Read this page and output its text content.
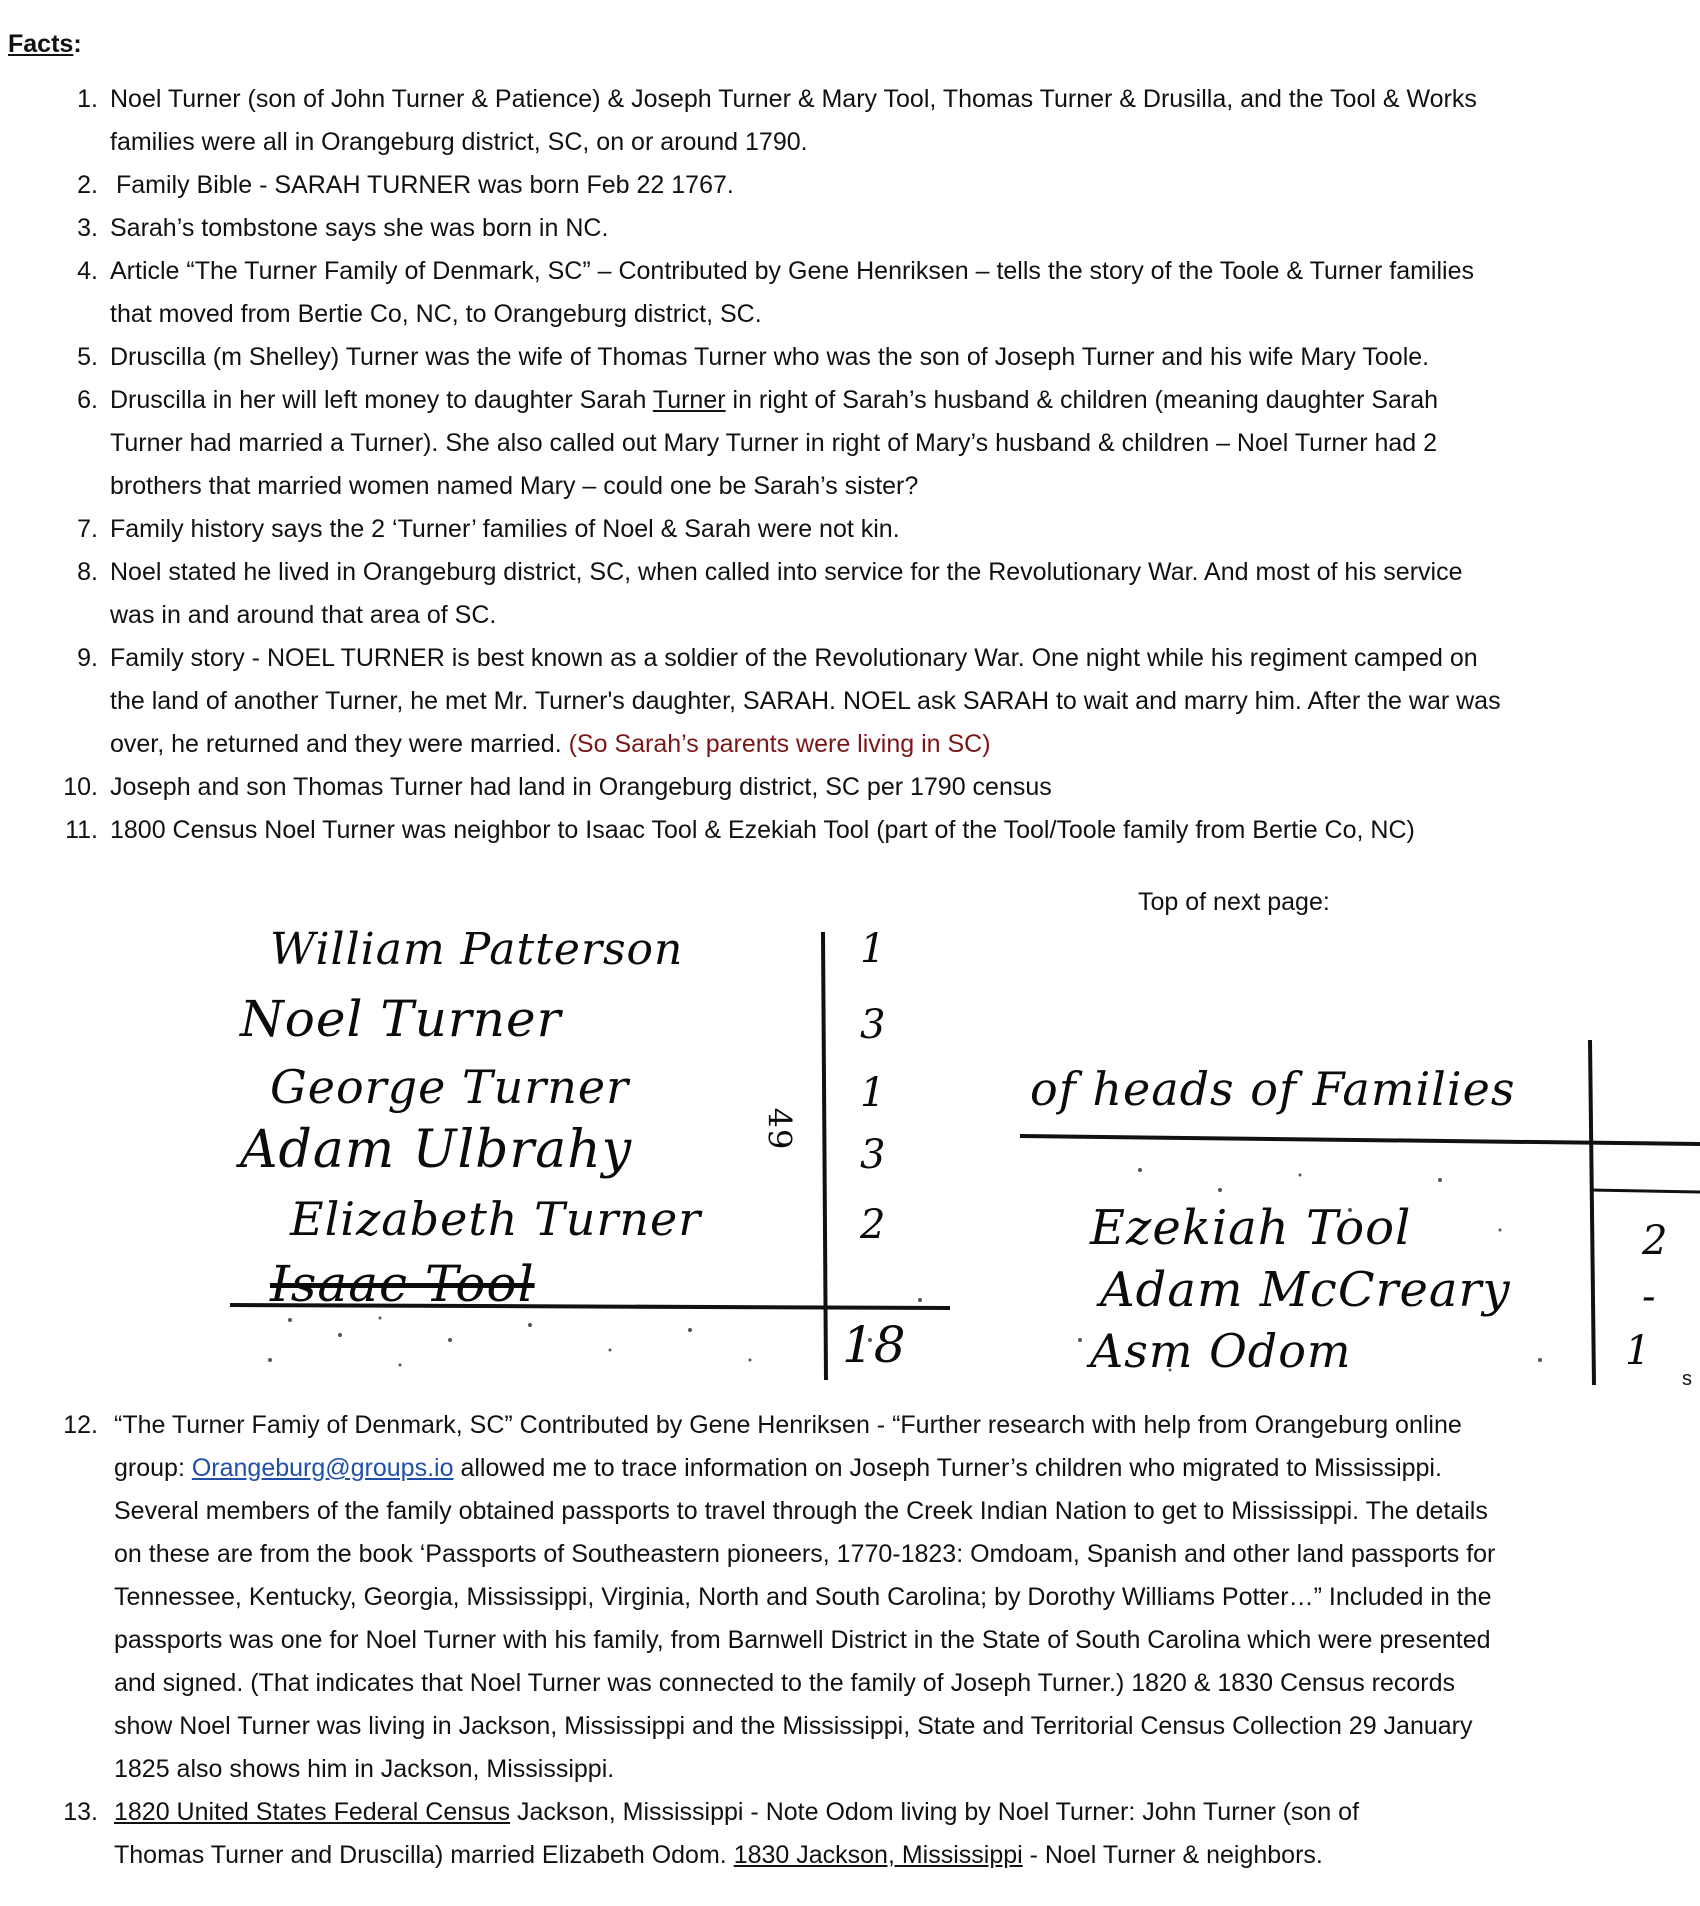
Facts:
1. Noel Turner (son of John Turner & Patience) & Joseph Turner & Mary Tool, Thomas Turner & Drusilla, and the Tool & Works
families were all in Orangeburg district, SC, on or around 1790.
2. Family Bible - SARAH TURNER was born Feb 22 1767.
3. Sarah’s tombstone says she was born in NC.
4. Article “The Turner Family of Denmark, SC” – Contributed by Gene Henriksen – tells the story of the Toole & Turner families
that moved from Bertie Co, NC, to Orangeburg district, SC.
5. Druscilla (m Shelley) Turner was the wife of Thomas Turner who was the son of Joseph Turner and his wife Mary Toole.
6. Druscilla in her will left money to daughter Sarah Turner in right of Sarah’s husband & children (meaning daughter Sarah
Turner had married a Turner). She also called out Mary Turner in right of Mary’s husband & children – Noel Turner had 2
brothers that married women named Mary – could one be Sarah’s sister?
7. Family history says the 2 ‘Turner’ families of Noel & Sarah were not kin.
8. Noel stated he lived in Orangeburg district, SC, when called into service for the Revolutionary War. And most of his service
was in and around that area of SC.
9. Family story - NOEL TURNER is best known as a soldier of the Revolutionary War. One night while his regiment camped on
the land of another Turner, he met Mr. Turner's daughter, SARAH. NOEL ask SARAH to wait and marry him. After the war was
over, he returned and they were married. (So Sarah’s parents were living in SC)
10. Joseph and son Thomas Turner had land in Orangeburg district, SC per 1790 census
11. 1800 Census Noel Turner was neighbor to Isaac Tool & Ezekiah Tool (part of the Tool/Toole family from Bertie Co, NC)
Top of next page:
William Patterson
Noel Turner
George Turner
Adam Ulbrahy
Elizabeth Turner
Isaac Tool
49
1
3
1
3
2
18
of heads of Families
Ezekiah Tool
Adam McCreary
Asm Odom
2
-
1
s
12. “The Turner Famiy of Denmark, SC” Contributed by Gene Henriksen - “Further research with help from Orangeburg online
group: Orangeburg@groups.io allowed me to trace information on Joseph Turner’s children who migrated to Mississippi.
Several members of the family obtained passports to travel through the Creek Indian Nation to get to Mississippi. The details
on these are from the book ‘Passports of Southeastern pioneers, 1770-1823: Omdoam, Spanish and other land passports for
Tennessee, Kentucky, Georgia, Mississippi, Virginia, North and South Carolina; by Dorothy Williams Potter…” Included in the
passports was one for Noel Turner with his family, from Barnwell District in the State of South Carolina which were presented
and signed. (That indicates that Noel Turner was connected to the family of Joseph Turner.) 1820 & 1830 Census records
show Noel Turner was living in Jackson, Mississippi and the Mississippi, State and Territorial Census Collection 29 January
1825 also shows him in Jackson, Mississippi.
13. 1820 United States Federal Census Jackson, Mississippi - Note Odom living by Noel Turner: John Turner (son of
Thomas Turner and Druscilla) married Elizabeth Odom. 1830 Jackson, Mississippi - Noel Turner & neighbors.
